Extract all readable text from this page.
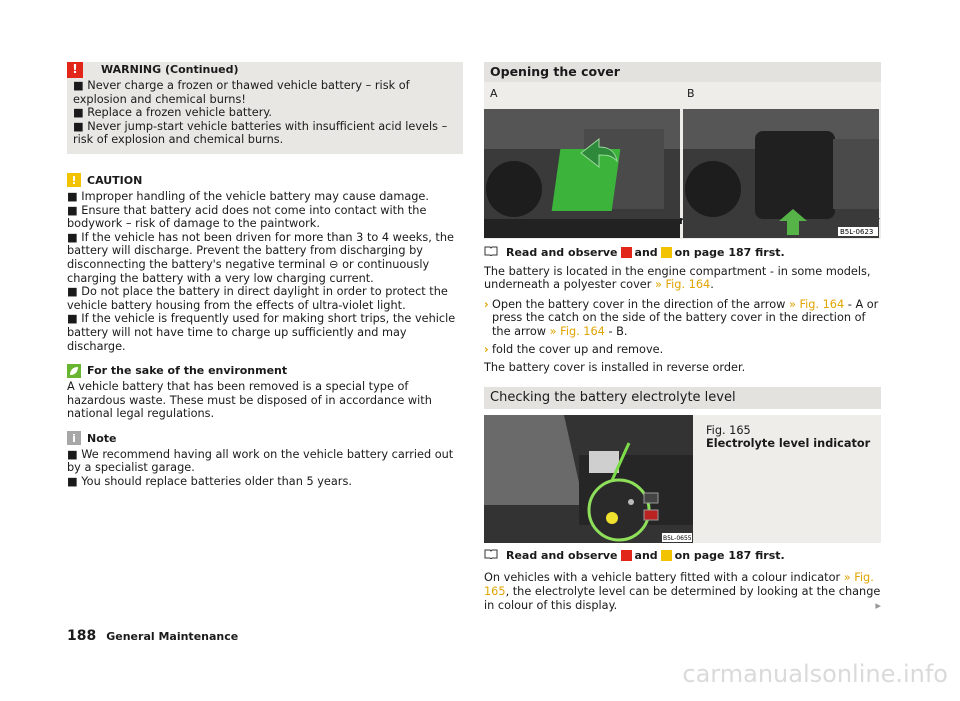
!	WARNING (Continued)

■ Never charge a frozen or thawed vehicle battery – risk of explosion and chemical burns!

■ Replace a frozen vehicle battery.

■ Never jump-start vehicle batteries with insufficient acid levels – risk of explosion and chemical burns.

! CAUTION

■ Improper handling of the vehicle battery may cause damage.

■ Ensure that battery acid does not come into contact with the bodywork – risk of damage to the paintwork.

■ If the vehicle has not been driven for more than 3 to 4 weeks, the battery will discharge. Prevent the battery from discharging by disconnecting the battery's negative terminal ⊖ or continuously charging the battery with a very low charging current.

■ Do not place the battery in direct daylight in order to protect the vehicle battery housing from the effects of ultra-violet light.

■ If the vehicle is frequently used for making short trips, the vehicle battery will not have time to charge up sufficiently and may discharge.

For the sake of the environment

A vehicle battery that has been removed is a special type of hazardous waste. These must be disposed of in accordance with national legal regulations.

i	Note

■ We recommend having all work on the vehicle battery carried out by a specialist garage.

■ You should replace batteries older than 5 years.

Opening the cover
A	B
B5L-0623
Read and observe and on page 187 first.

The battery is located in the engine compartment - in some models, underneath a polyester cover » Fig. 164.

› Open the battery cover in the direction of the arrow » Fig. 164 - A or press the catch on the side of the battery cover in the direction of the arrow » Fig. 164 - B.

› fold the cover up and remove.

The battery cover is installed in reverse order.

Checking the battery electrolyte level
B5L-0655

Fig. 165

Electrolyte level indicator

Read and observe and on page 187 first.

On vehicles with a vehicle battery fitted with a colour indicator » Fig. 165, the electrolyte level can be determined by looking at the change in colour of this display.	▸

188 General Maintenance
carmanualsonline.info
